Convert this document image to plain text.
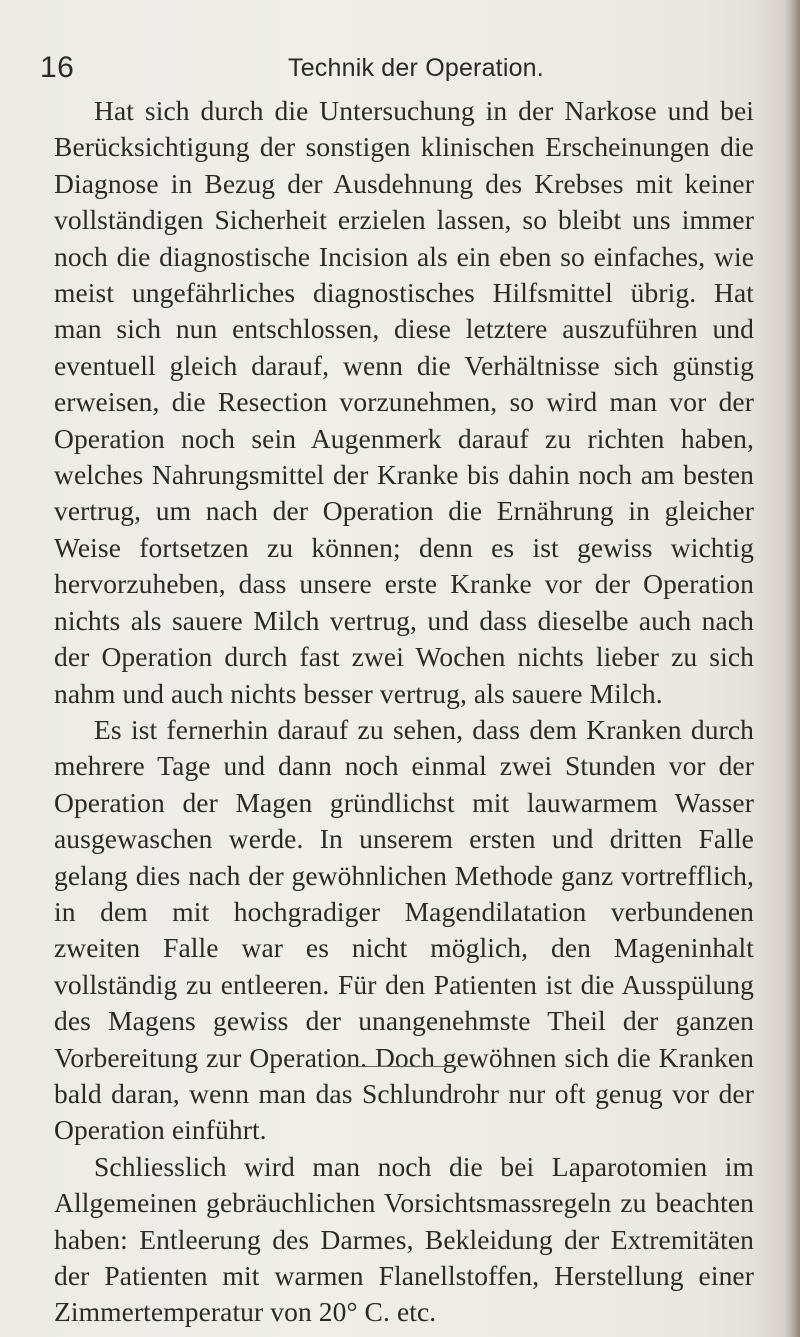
16	Technik der Operation.

Hat sich durch die Untersuchung in der Narkose und bei Berücksichtigung der sonstigen klinischen Erscheinungen die Diagnose in Bezug der Ausdehnung des Krebses mit keiner vollständigen Sicherheit erzielen lassen, so bleibt uns immer noch die diagnostische Incision als ein eben so einfaches, wie meist ungefährliches diagnostisches Hilfsmittel übrig. Hat man sich nun entschlossen, diese letztere auszuführen und eventuell gleich darauf, wenn die Verhältnisse sich günstig erweisen, die Resection vorzunehmen, so wird man vor der Operation noch sein Augenmerk darauf zu richten haben, welches Nahrungsmittel der Kranke bis dahin noch am besten vertrug, um nach der Operation die Ernährung in gleicher Weise fortsetzen zu können; denn es ist gewiss wichtig hervorzuheben, dass unsere erste Kranke vor der Operation nichts als sauere Milch vertrug, und dass dieselbe auch nach der Operation durch fast zwei Wochen nichts lieber zu sich nahm und auch nichts besser vertrug, als sauere Milch.

Es ist fernerhin darauf zu sehen, dass dem Kranken durch mehrere Tage und dann noch einmal zwei Stunden vor der Operation der Magen gründlichst mit lauwarmem Wasser ausgewaschen werde. In unserem ersten und dritten Falle gelang dies nach der gewöhnlichen Methode ganz vortrefflich, in dem mit hochgradiger Magendilatation verbundenen zweiten Falle war es nicht möglich, den Mageninhalt vollständig zu entleeren. Für den Patienten ist die Ausspülung des Magens gewiss der unangenehmste Theil der ganzen Vorbereitung zur Operation. Doch gewöhnen sich die Kranken bald daran, wenn man das Schlundrohr nur oft genug vor der Operation einführt.

Schliesslich wird man noch die bei Laparotomien im Allgemeinen gebräuchlichen Vorsichtsmassregeln zu beachten haben: Entleerung des Darmes, Bekleidung der Extremitäten der Patienten mit warmen Flanellstoffen, Herstellung einer Zimmertemperatur von 20° C. etc.
